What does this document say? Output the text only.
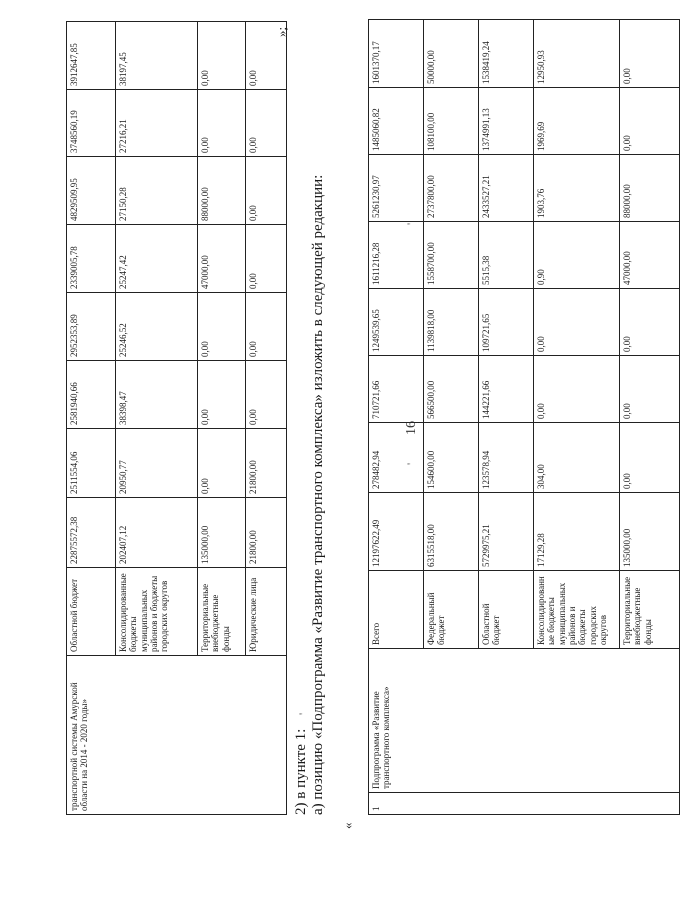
'
16
'
'
транспортной системы Амурской области на 2014 - 2020 годы»	Областной бюджет	22875572,38	2511554,06	2581940,66	2952353,89	2339005,78	4829509,95	3748560,19	3912647,85
	Консолидированные бюджеты муниципальных районов и бюджеты городских округов	202407,12	20950,77	38398,47	25246,52	25247,42	27150,28	27216,21	38197,45
	Территориальные внебюджетные фонды	135000,00	0,00	0,00	0,00	47000,00	88000,00	0,00	0,00
	Юридические лица	21800,00	21800,00	0,00	0,00	0,00	0,00	0,00	0,00
»;
2) в пункте 1: а) позицию «Подпрограмма «Развитие транспортного комплекса» изложить в следующей редакции:
«
1	Подпрограмма «Развитие транспортного комплекса»	Всего	12197622,49	278482,94	710721,66	1249539,65	1611216,28	5261230,97	1485060,82	1601370,17
		Федеральный бюджет	6315518,00	154600,00	566500,00	1139818,00	1558700,00	2737800,00	108100,00	50000,00
		Областной бюджет	5729975,21	123578,94	144221,66	109721,65	5515,38	2433527,21	1374991,13	1538419,24
		Консолидированные бюджеты муниципальных районов и бюджеты городских округов	17129,28	304,00	0,00	0,00	0,90	1903,76	1969,69	12950,93
		Территориальные внебюджетные фонды	135000,00	0,00	0,00	0,00	47000,00	88000,00	0,00	0,00
